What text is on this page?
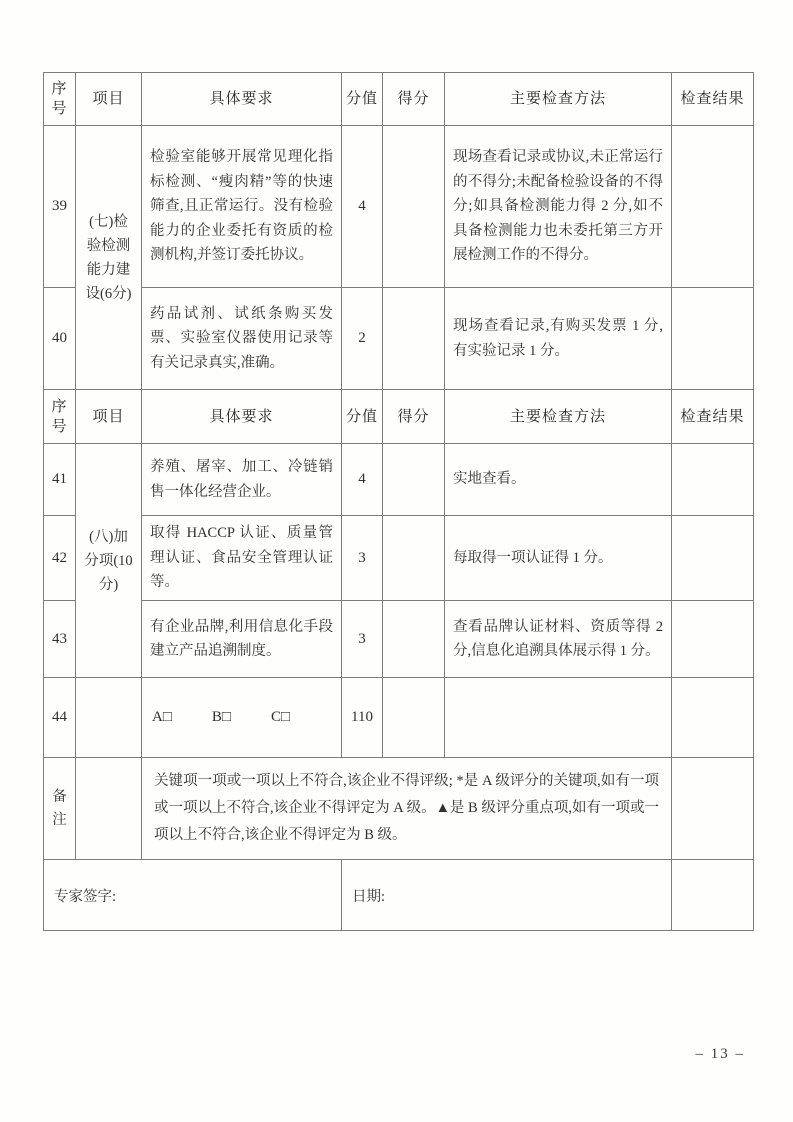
序号	项目	具体要求	分值	得分	主要检查方法	检查结果
39	(七)检验检测能力建设(6分)	检验室能够开展常见理化指标检测、“瘦肉精”等的快速筛查,且正常运行。没有检验能力的企业委托有资质的检测机构,并签订委托协议。	4		现场查看记录或协议,未正常运行的不得分;未配备检验设备的不得分;如具备检测能力得 2 分,如不具备检测能力也未委托第三方开展检测工作的不得分。	
40		药品试剂、试纸条购买发票、实验室仪器使用记录等有关记录真实,准确。	2		现场查看记录,有购买发票 1 分,有实验记录 1 分。	
序号	项目	具体要求	分值	得分	主要检查方法	检查结果
41	(八)加分项(10分)	养殖、屠宰、加工、冷链销售一体化经营企业。	4		实地查看。	
42		取得 HACCP 认证、质量管理认证、食品安全管理认证等。	3		每取得一项认证得 1 分。	
43		有企业品牌,利用信息化手段建立产品追溯制度。	3		查看品牌认证材料、资质等得 2 分,信息化追溯具体展示得 1 分。	
44		A□ B□ C□	110			
备注		关键项一项或一项以上不符合,该企业不得评级; *是 A 级评分的关键项,如有一项或一项以上不符合,该企业不得评定为 A 级。▲是 B 级评分重点项,如有一项或一项以上不符合,该企业不得评定为 B 级。				
专家签字:			日期:			
– 13 –
